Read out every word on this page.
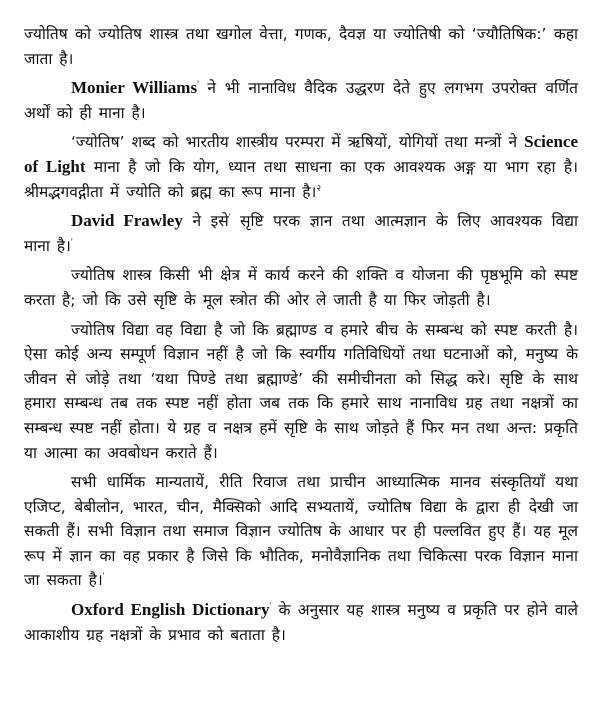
ज्योतिष को ज्योतिष शास्त्र तथा खगोल वेत्ता, गणक, दैवज्ञ या ज्योतिषी को ‘ज्यौतिषिक:’ कहा जाता है।

Monier Williams' ने भी नानाविध वैदिक उद्धरण देते हुए लगभग उपरोक्त वर्णित अर्थों को ही माना है।

‘ज्योतिष’ शब्द को भारतीय शास्त्रीय परम्परा में ऋषियों, योगियों तथा मन्त्रों ने Science of Light माना है जो कि योग, ध्यान तथा साधना का एक आवश्यक अङ्ग या भाग रहा है। श्रीमद्भगवद्गीता में ज्योति को ब्रह्म का रूप माना है।$^२$

David Frawley ने इसे' सृष्टि परक ज्ञान तथा आत्मज्ञान के लिए आवश्यक विद्या माना है।'

ज्योतिष शास्त्र किसी भी क्षेत्र में कार्य करने की शक्ति व योजना की पृष्ठभूमि को स्पष्ट करता है; जो कि उसे सृष्टि के मूल स्त्रोत की ओर ले जाती है या फिर जोड़ती है।

ज्योतिष विद्या वह विद्या है जो कि ब्रह्माण्ड व हमारे बीच के सम्बन्ध को स्पष्ट करती है। ऐसा कोई अन्य सम्पूर्ण विज्ञान नहीं है जो कि स्वर्गीय गतिविधियों तथा घटनाओं को, मनुष्य के जीवन से जोड़े तथा ‘यथा पिण्डे तथा ब्रह्माण्डे’ की समीचीनता को सिद्ध करे। सृष्टि के साथ हमारा सम्बन्ध तब तक स्पष्ट नहीं होता जब तक कि हमारे साथ नानाविध ग्रह तथा नक्षत्रों का सम्बन्ध स्पष्ट नहीं होता। ये ग्रह व नक्षत्र हमें सृष्टि के साथ जोड़ते हैं फिर मन तथा अन्त: प्रकृति या आत्मा का अवबोधन कराते हैं।

सभी धार्मिक मान्यतायें, रीति रिवाज तथा प्राचीन आध्यात्मिक मानव संस्कृतियाँ यथा एजिप्ट, बेबीलोन, भारत, चीन, मैक्सिको आदि सभ्यतायें, ज्योतिष विद्या के द्वारा ही देखी जा सकती हैं। सभी विज्ञान तथा समाज विज्ञान ज्योतिष के आधार पर ही पल्लवित हुए हैं। यह मूल रूप में ज्ञान का वह प्रकार है जिसे कि भौतिक, मनोवैज्ञानिक तथा चिकित्सा परक विज्ञान माना जा सकता है।'

Oxford English Dictionary' के अनुसार यह शास्त्र मनुष्य व प्रकृति पर होने वाले आकाशीय ग्रह नक्षत्रों के प्रभाव को बताता है।
